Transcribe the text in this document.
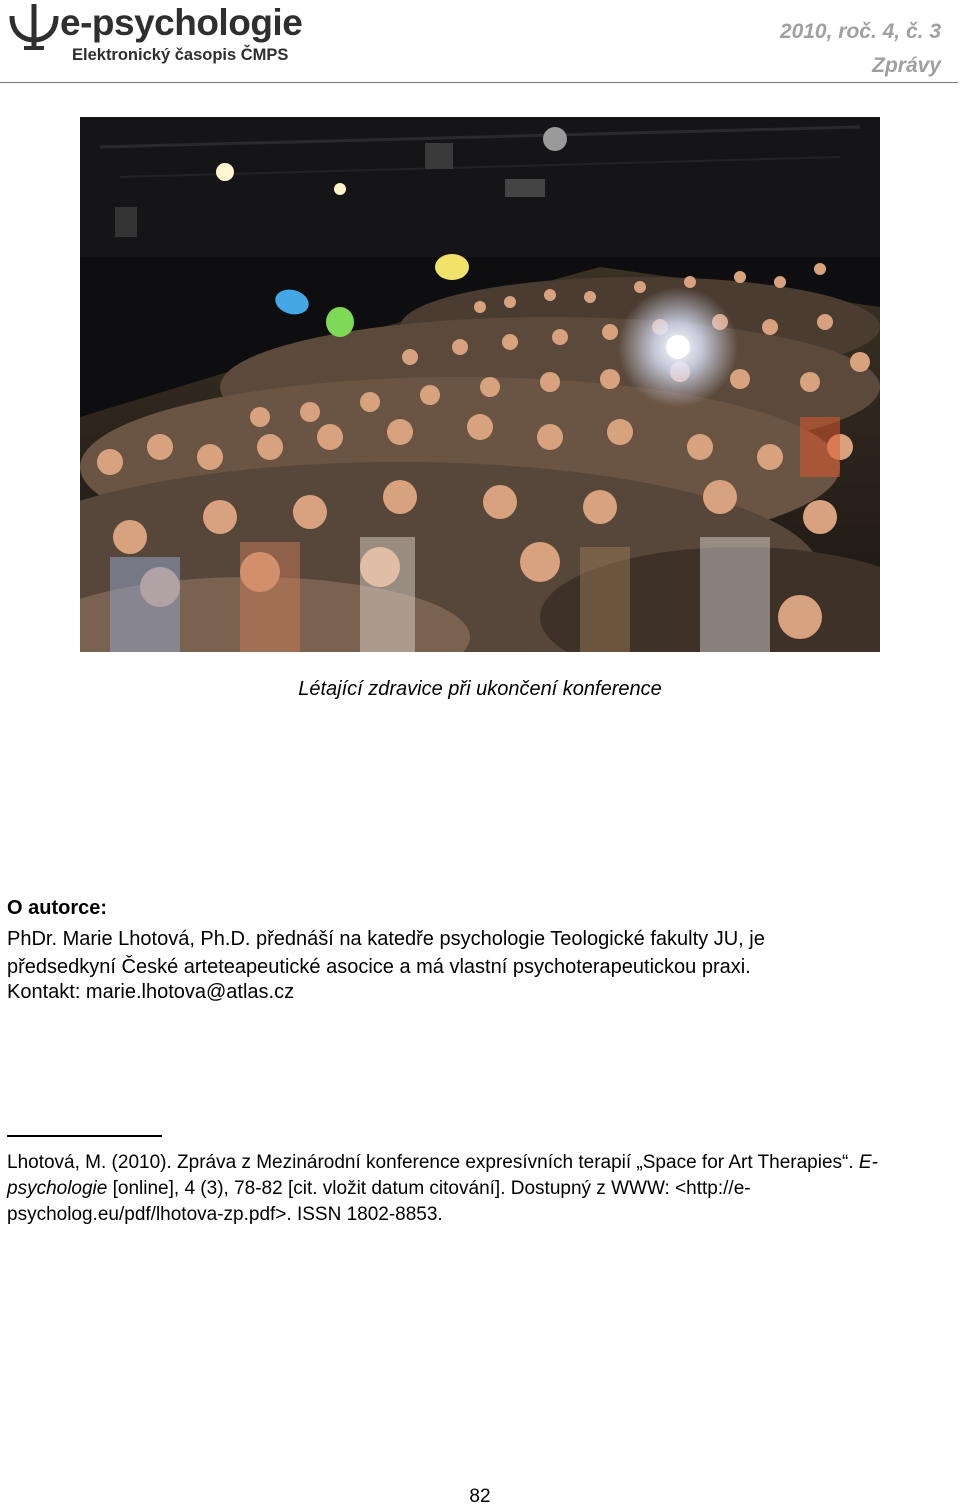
e-psychologie
Elektronický časopis ČMPS
2010, roč. 4, č. 3
Zprávy
Létající zdravice při ukončení konference
O autorce:
PhDr. Marie Lhotová, Ph.D. přednáší na katedře psychologie Teologické fakulty JU, je
předsedkyní České arteteapeutické asocice a má vlastní psychoterapeutickou praxi.
Kontakt: marie.lhotova@atlas.cz
Lhotová, M. (2010). Zpráva z Mezinárodní konference expresívních terapií „Space for Art Therapies“. E-psychologie [online], 4 (3), 78-82 [cit. vložit datum citování]. Dostupný z WWW: <http://e-psycholog.eu/pdf/lhotova-zp.pdf>. ISSN 1802-8853.
82
